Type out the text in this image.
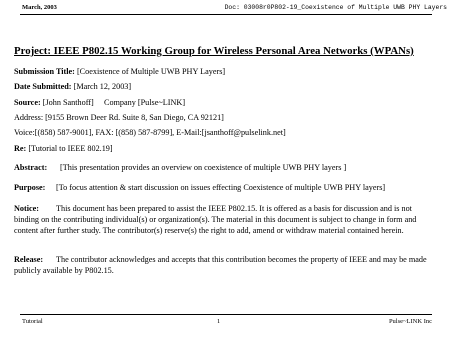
March, 2003	Doc: 03008r0P802-19_Coexistence of Multiple UWB PHY Layers
Project: IEEE P802.15 Working Group for Wireless Personal Area Networks (WPANs)
Submission Title: [Coexistence of Multiple UWB PHY Layers]
Date Submitted: [March 12, 2003]
Source: [John Santhoff]     Company [Pulse~LINK]
Address: [9155 Brown Deer Rd. Suite 8, San Diego, CA 92121]
Voice:[(858) 587-9001], FAX: [(858) 587-8799], E-Mail:[jsanthoff@pulselink.net]
Re: [Tutorial to IEEE 802.19]
Abstract: [This presentation provides an overview on coexistence of multiple UWB PHY layers ]
Purpose: [To focus attention & start discussion on issues effecting Coexistence of multiple UWB PHY layers]
Notice:	This document has been prepared to assist the IEEE P802.15. It is offered as a basis for discussion and is not binding on the contributing individual(s) or organization(s). The material in this document is subject to change in form and content after further study. The contributor(s) reserve(s) the right to add, amend or withdraw material contained herein.
Release:	The contributor acknowledges and accepts that this contribution becomes the property of IEEE and may be made publicly available by P802.15.
Tutorial	1	Pulse~LINK Inc
